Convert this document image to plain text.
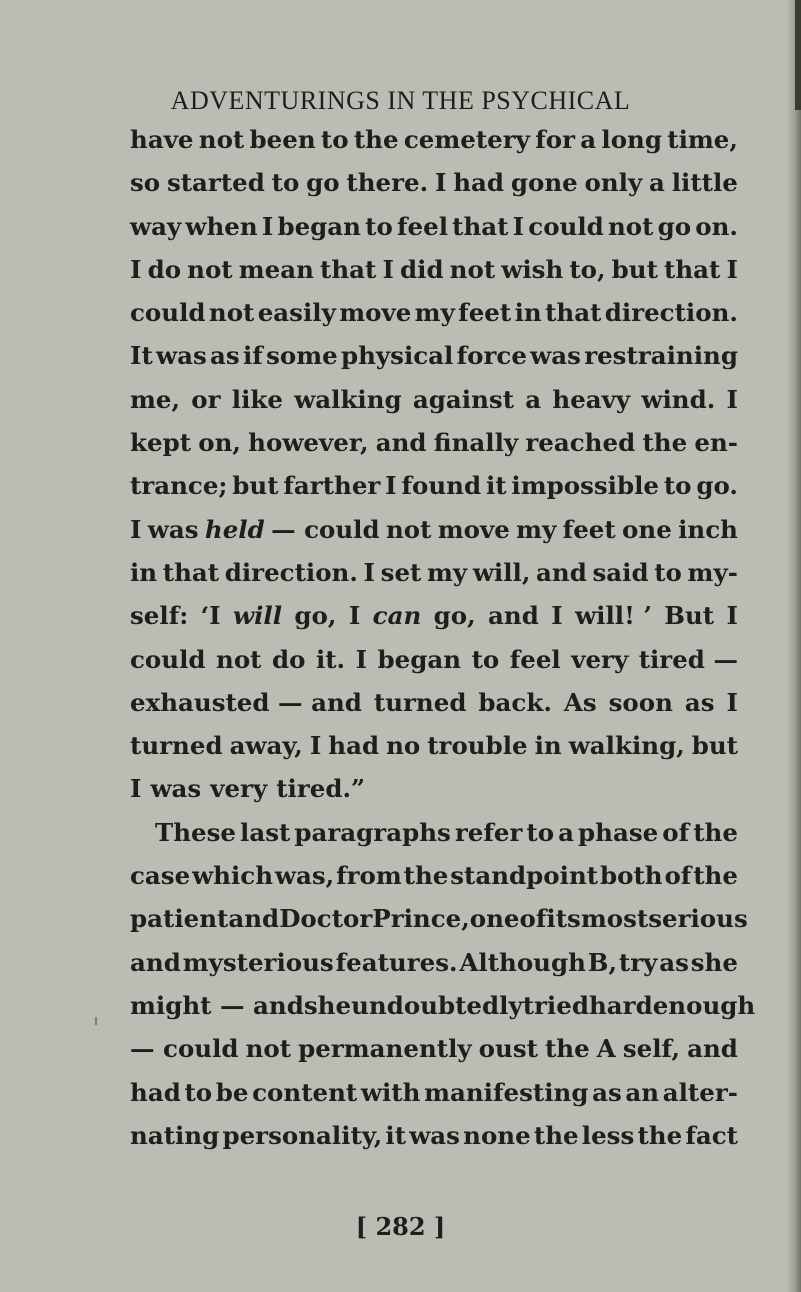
ADVENTURINGS IN THE PSYCHICAL
have not been to the cemetery for a long time,
so started to go there. I had gone only a little
way when I began to feel that I could not go on.
I do not mean that I did not wish to, but that I
could not easily move my feet in that direction.
It was as if some physical force was restraining
me, or like walking against a heavy wind. I
kept on, however, and finally reached the en-
trance; but farther I found it impossible to go.
I was held — could not move my feet one inch
in that direction. I set my will, and said to my-
self: ‘I will go, I can go, and I will! ’ But I
could not do it. I began to feel very tired —
exhausted — and turned back. As soon as I
turned away, I had no trouble in walking, but
I was very tired.”
These last paragraphs refer to a phase of the
case which was, from the standpoint both of the
patient and Doctor Prince, one of its most serious
and mysterious features. Although B, try as she
might — and she undoubtedly tried hard enough
— could not permanently oust the A self, and
had to be content with manifesting as an alter-
nating personality, it was none the less the fact
[ 282 ]
